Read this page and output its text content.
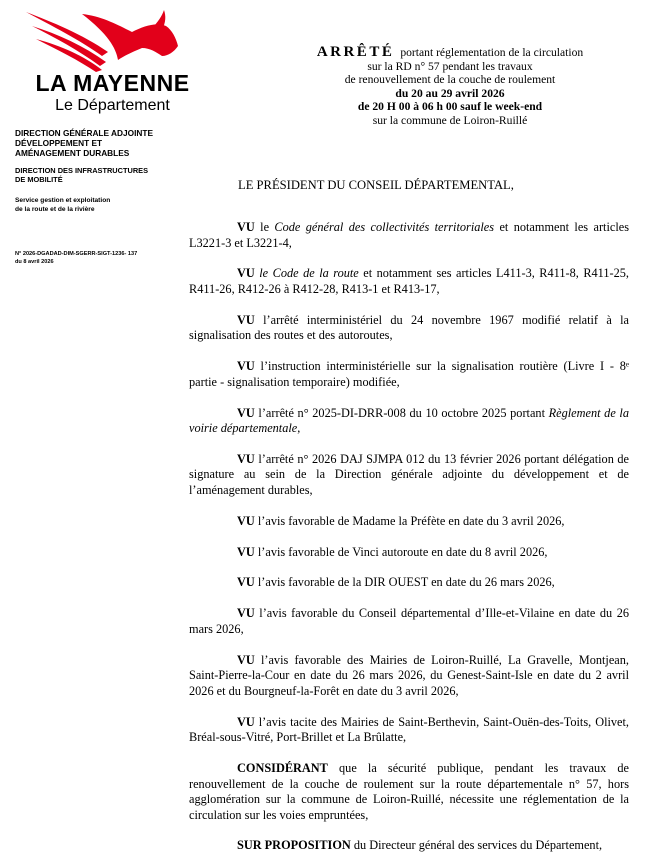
LA MAYENNE
Le Département
DIRECTION GÉNÉRALE ADJOINTE
DÉVELOPPEMENT ET
AMÉNAGEMENT DURABLES
DIRECTION DES INFRASTRUCTURES
DE MOBILITÉ
Service gestion et exploitation
de la route et de la rivière
N° 2026-DGADAD-DIM-SGERR-SIGT-1236- 137
du 8 avril 2026
ARRÊTÉ portant réglementation de la circulation
sur la RD n° 57 pendant les travaux
de renouvellement de la couche de roulement
du 20 au 29 avril 2026
de 20 H 00 à 06 h 00 sauf le week-end
sur la commune de Loiron-Ruillé
LE PRÉSIDENT DU CONSEIL DÉPARTEMENTAL,

VU le Code général des collectivités territoriales et notamment les articles L3221-3 et L3221-4,

VU le Code de la route et notamment ses articles L411-3, R411-8, R411-25, R411-26, R412-26 à R412-28, R413-1 et R413-17,

VU l’arrêté interministériel du 24 novembre 1967 modifié relatif à la signalisation des routes et des autoroutes,

VU l’instruction interministérielle sur la signalisation routière (Livre I - 8ᵉ partie - signalisation temporaire) modifiée,

VU l’arrêté n° 2025-DI-DRR-008 du 10 octobre 2025 portant Règlement de la voirie départementale,

VU l’arrêté n° 2026 DAJ SJMPA 012 du 13 février 2026 portant délégation de signature au sein de la Direction générale adjointe du développement et de l’aménagement durables,

VU l’avis favorable de Madame la Préfète en date du 3 avril 2026,

VU l’avis favorable de Vinci autoroute en date du 8 avril 2026,

VU l’avis favorable de la DIR OUEST en date du 26 mars 2026,

VU l’avis favorable du Conseil départemental d’Ille-et-Vilaine en date du 26 mars 2026,

VU l’avis favorable des Mairies de Loiron-Ruillé, La Gravelle, Montjean, Saint-Pierre-la-Cour en date du 26 mars 2026, du Genest-Saint-Isle en date du 2 avril 2026 et du Bourgneuf-la-Forêt en date du 3 avril 2026,

VU l’avis tacite des Mairies de Saint-Berthevin, Saint-Ouën-des-Toits, Olivet, Bréal-sous-Vitré, Port-Brillet et La Brûlatte,

CONSIDÉRANT que la sécurité publique, pendant les travaux de renouvellement de la couche de roulement sur la route départementale n° 57, hors agglomération sur la commune de Loiron-Ruillé, nécessite une réglementation de la circulation sur les voies empruntées,

SUR PROPOSITION du Directeur général des services du Département,
